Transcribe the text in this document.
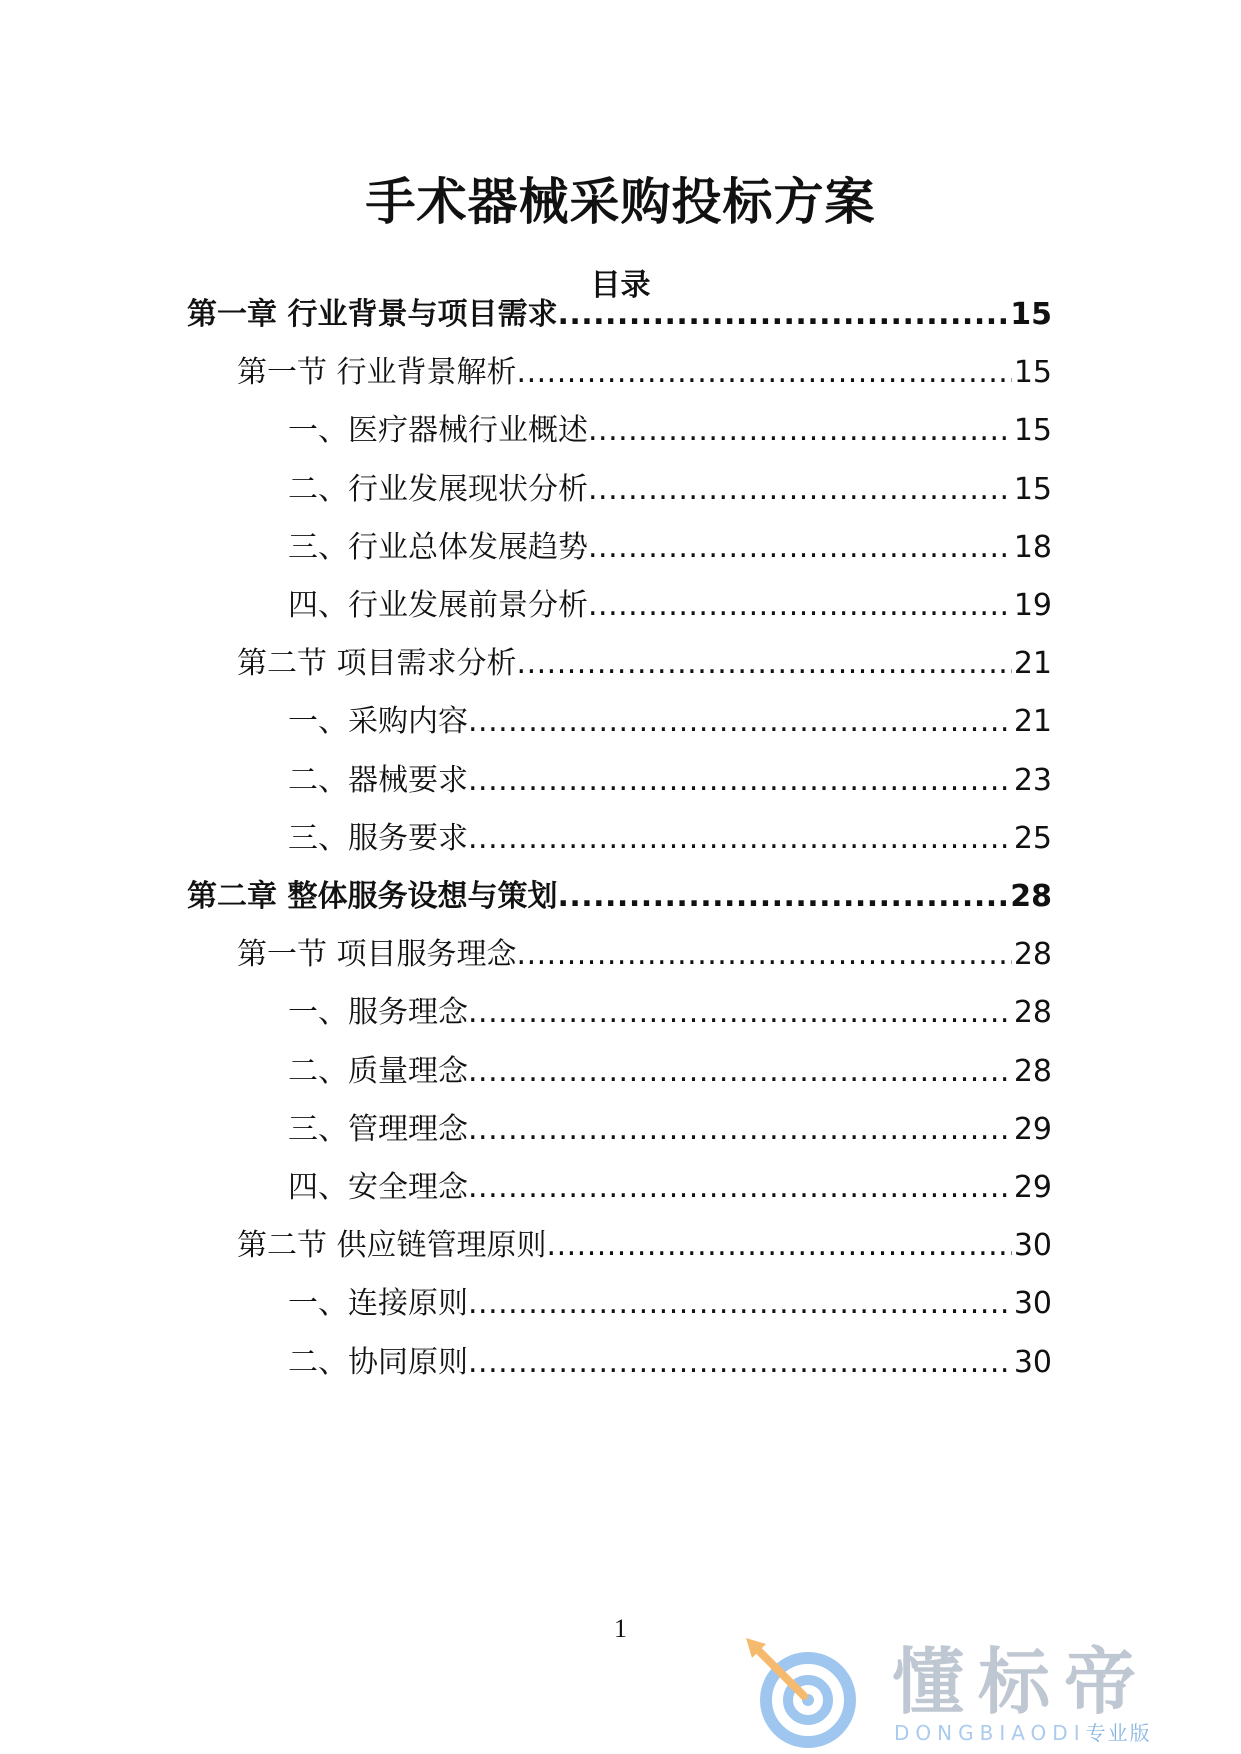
手术器械采购投标方案
目录
第一章 行业背景与项目需求 .....	15
第一节 行业背景解析 .....	15
一、医疗器械行业概述 .....	15
二、行业发展现状分析 .....	15
三、行业总体发展趋势 .....	18
四、行业发展前景分析 .....	19
第二节 项目需求分析 .....	21
一、采购内容 .....	21
二、器械要求 .....	23
三、服务要求 .....	25
第二章 整体服务设想与策划 .....	28
第一节 项目服务理念 .....	28
一、服务理念 .....	28
二、质量理念 .....	28
三、管理理念 .....	29
四、安全理念 .....	29
第二节 供应链管理原则 .....	30
一、连接原则 .....	30
二、协同原则 .....	30
1
懂标帝
DONGBIAODI专业版
